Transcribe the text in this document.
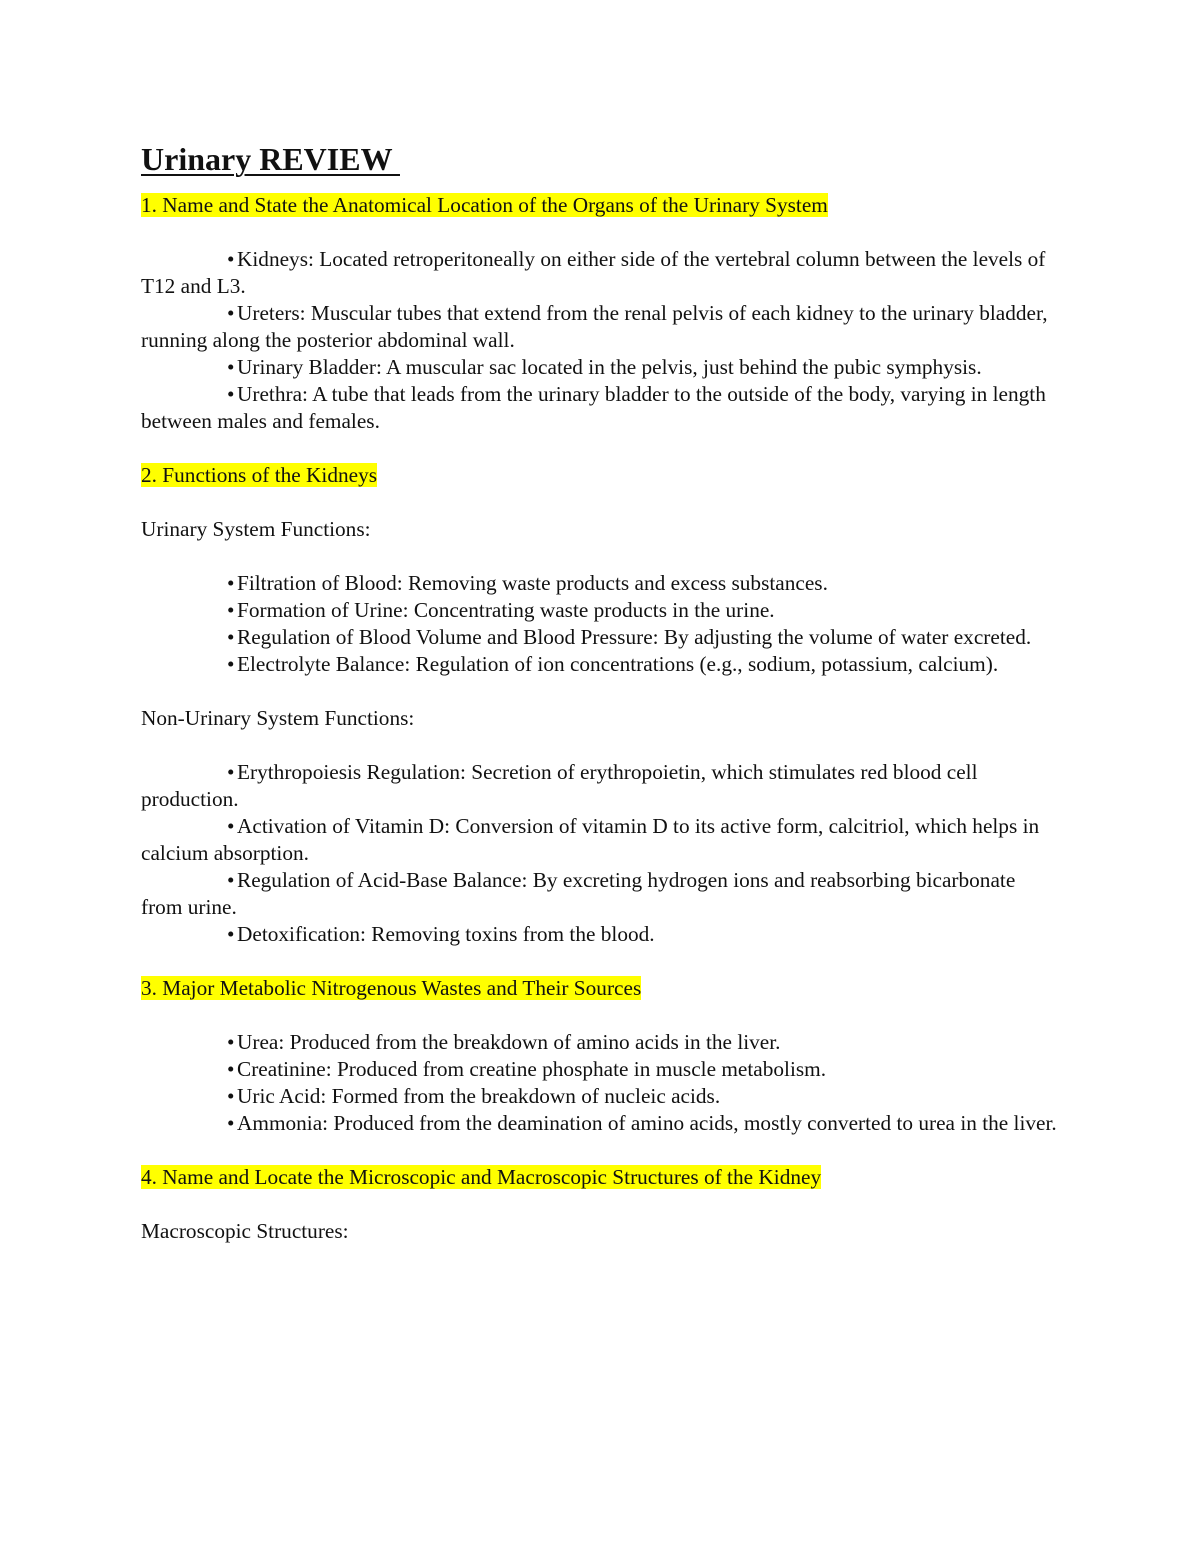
Urinary REVIEW

1. Name and State the Anatomical Location of the Organs of the Urinary System

• Kidneys: Located retroperitoneally on either side of the vertebral column between the levels of T12 and L3.

• Ureters: Muscular tubes that extend from the renal pelvis of each kidney to the urinary bladder, running along the posterior abdominal wall.

• Urinary Bladder: A muscular sac located in the pelvis, just behind the pubic symphysis.

• Urethra: A tube that leads from the urinary bladder to the outside of the body, varying in length between males and females.

2. Functions of the Kidneys

Urinary System Functions:

• Filtration of Blood: Removing waste products and excess substances.

• Formation of Urine: Concentrating waste products in the urine.

• Regulation of Blood Volume and Blood Pressure: By adjusting the volume of water excreted.

• Electrolyte Balance: Regulation of ion concentrations (e.g., sodium, potassium, calcium).

Non-Urinary System Functions:

• Erythropoiesis Regulation: Secretion of erythropoietin, which stimulates red blood cell production.

• Activation of Vitamin D: Conversion of vitamin D to its active form, calcitriol, which helps in calcium absorption.

• Regulation of Acid-Base Balance: By excreting hydrogen ions and reabsorbing bicarbonate from urine.

• Detoxification: Removing toxins from the blood.

3. Major Metabolic Nitrogenous Wastes and Their Sources

• Urea: Produced from the breakdown of amino acids in the liver.

• Creatinine: Produced from creatine phosphate in muscle metabolism.

• Uric Acid: Formed from the breakdown of nucleic acids.

• Ammonia: Produced from the deamination of amino acids, mostly converted to urea in the liver.

4. Name and Locate the Microscopic and Macroscopic Structures of the Kidney

Macroscopic Structures:
